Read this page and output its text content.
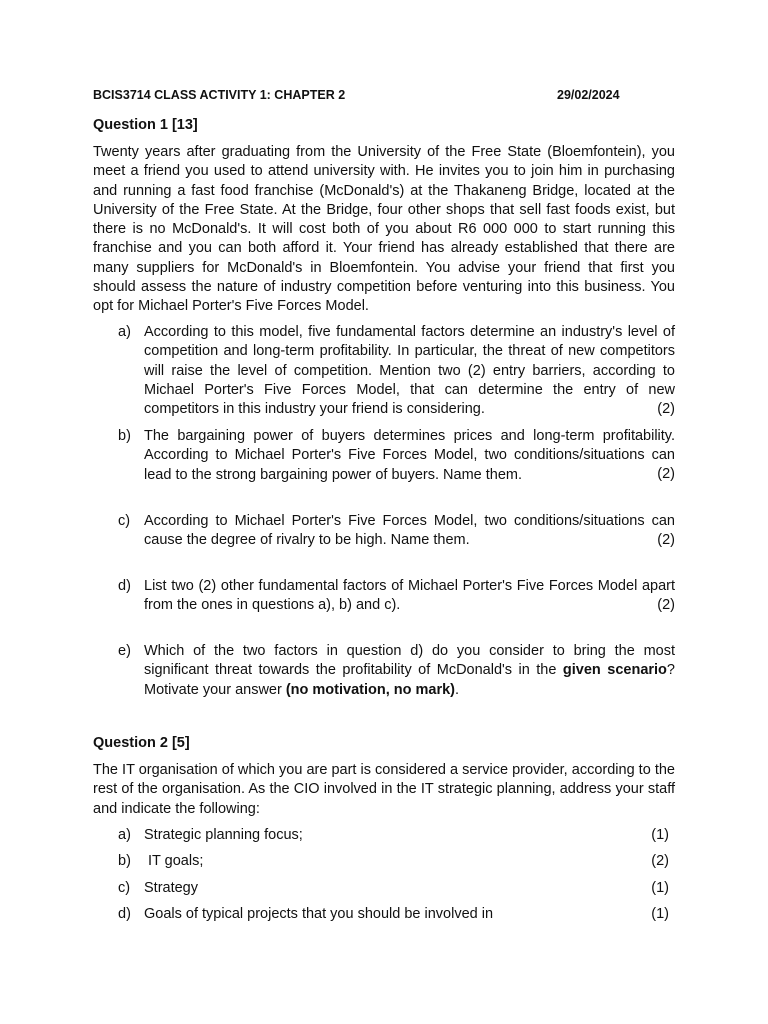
BCIS3714 CLASS ACTIVITY 1: CHAPTER 2	29/02/2024
Question 1 [13]
Twenty years after graduating from the University of the Free State (Bloemfontein), you meet a friend you used to attend university with. He invites you to join him in purchasing and running a fast food franchise (McDonald's) at the Thakaneng Bridge, located at the University of the Free State. At the Bridge, four other shops that sell fast foods exist, but there is no McDonald's. It will cost both of you about R6 000 000 to start running this franchise and you can both afford it. Your friend has already established that there are many suppliers for McDonald's in Bloemfontein. You advise your friend that first you should assess the nature of industry competition before venturing into this business. You opt for Michael Porter's Five Forces Model.
a) According to this model, five fundamental factors determine an industry's level of competition and long-term profitability. In particular, the threat of new competitors will raise the level of competition. Mention two (2) entry barriers, according to Michael Porter's Five Forces Model, that can determine the entry of new competitors in this industry your friend is considering.	(2)
b) The bargaining power of buyers determines prices and long-term profitability. According to Michael Porter's Five Forces Model, two conditions/situations can lead to the strong bargaining power of buyers. Name them.	(2)
c) According to Michael Porter's Five Forces Model, two conditions/situations can cause the degree of rivalry to be high. Name them.	(2)
d) List two (2) other fundamental factors of Michael Porter's Five Forces Model apart from the ones in questions a), b) and c).	(2)
e) Which of the two factors in question d) do you consider to bring the most significant threat towards the profitability of McDonald's in the given scenario? Motivate your answer (no motivation, no mark).
Question 2 [5]
The IT organisation of which you are part is considered a service provider, according to the rest of the organisation. As the CIO involved in the IT strategic planning, address your staff and indicate the following:
a) Strategic planning focus;	(1)
b) IT goals;	(2)
c) Strategy	(1)
d) Goals of typical projects that you should be involved in	(1)
